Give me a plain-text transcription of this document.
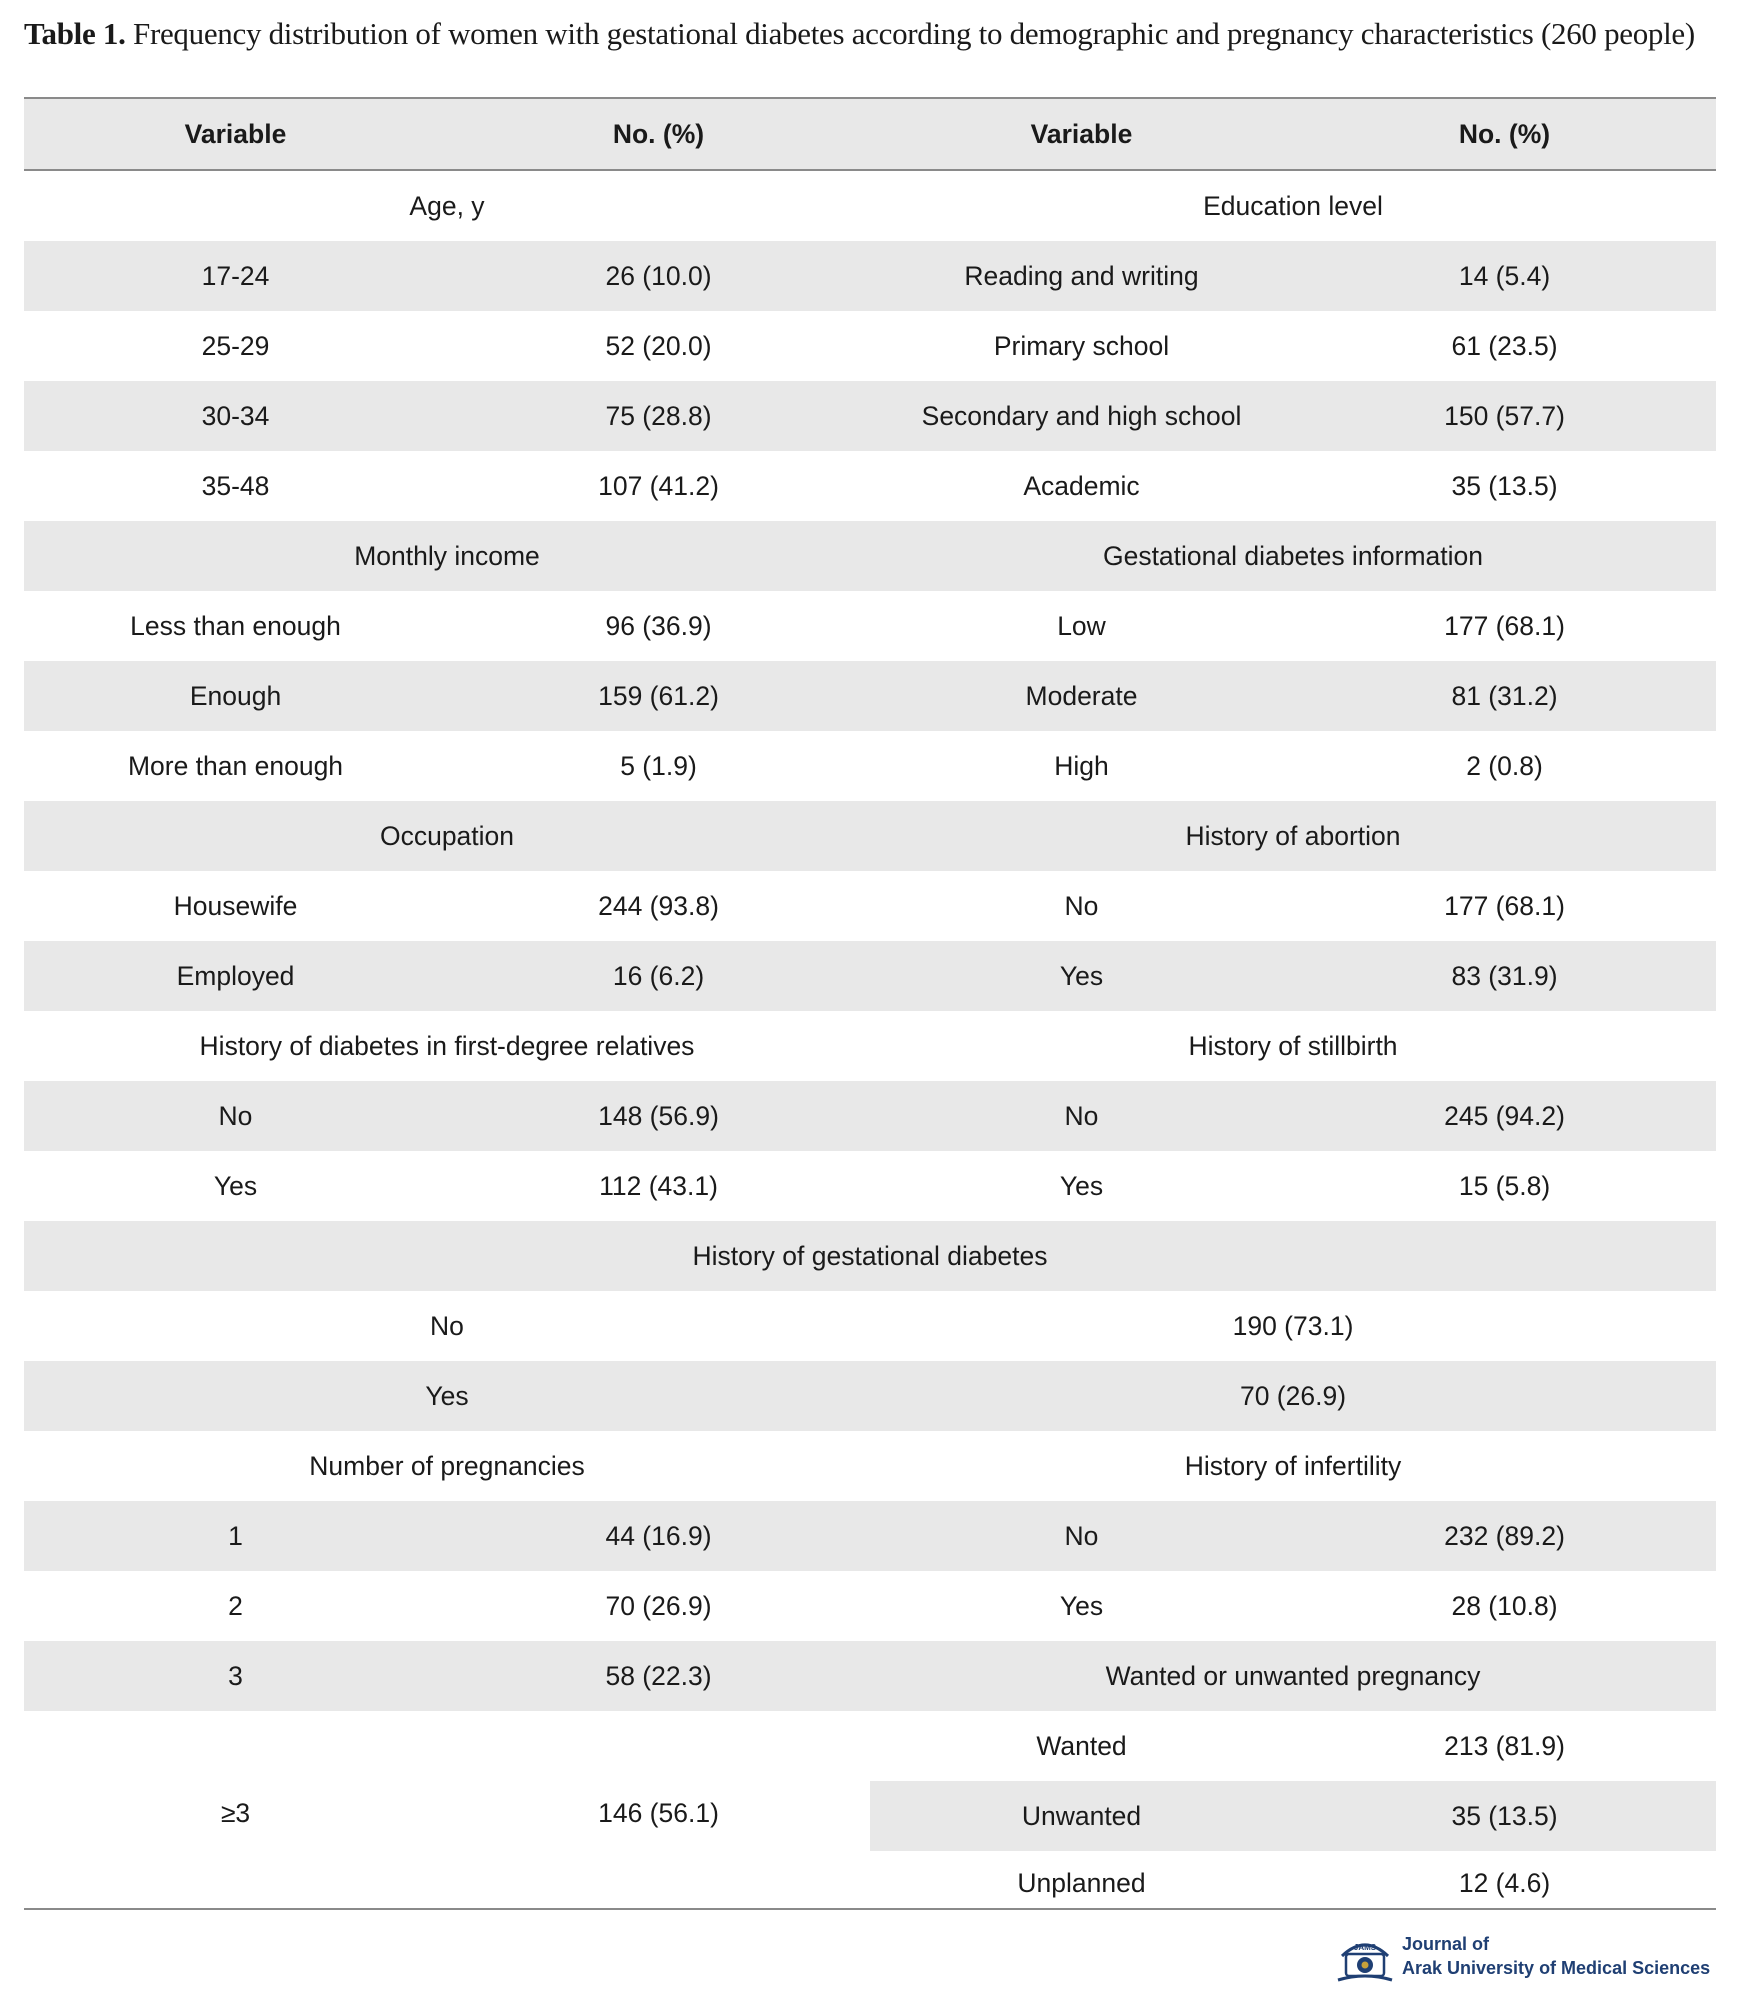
Table 1. Frequency distribution of women with gestational diabetes according to demographic and pregnancy characteristics (260 people)
Variable	No. (%)	Variable	No. (%)
Age, y		Education level	
17-24	26 (10.0)	Reading and writing	14 (5.4)
25-29	52 (20.0)	Primary school	61 (23.5)
30-34	75 (28.8)	Secondary and high school	150 (57.7)
35-48	107 (41.2)	Academic	35 (13.5)
Monthly income		Gestational diabetes information	
Less than enough	96 (36.9)	Low	177 (68.1)
Enough	159 (61.2)	Moderate	81 (31.2)
More than enough	5 (1.9)	High	2 (0.8)
Occupation		History of abortion	
Housewife	244 (93.8)	No	177 (68.1)
Employed	16 (6.2)	Yes	83 (31.9)
History of diabetes in first-degree relatives		History of stillbirth	
No	148 (56.9)	No	245 (94.2)
Yes	112 (43.1)	Yes	15 (5.8)
History of gestational diabetes			
No		190 (73.1)	
Yes		70 (26.9)	
Number of pregnancies		History of infertility	
1	44 (16.9)	No	232 (89.2)
2	70 (26.9)	Yes	28 (10.8)
3	58 (22.3)	Wanted or unwanted pregnancy	
≥3	146 (56.1)	Wanted	213 (81.9)
		Unwanted	35 (13.5)
		Unplanned	12 (4.6)
JAMS Journal of
Arak University of Medical Sciences
